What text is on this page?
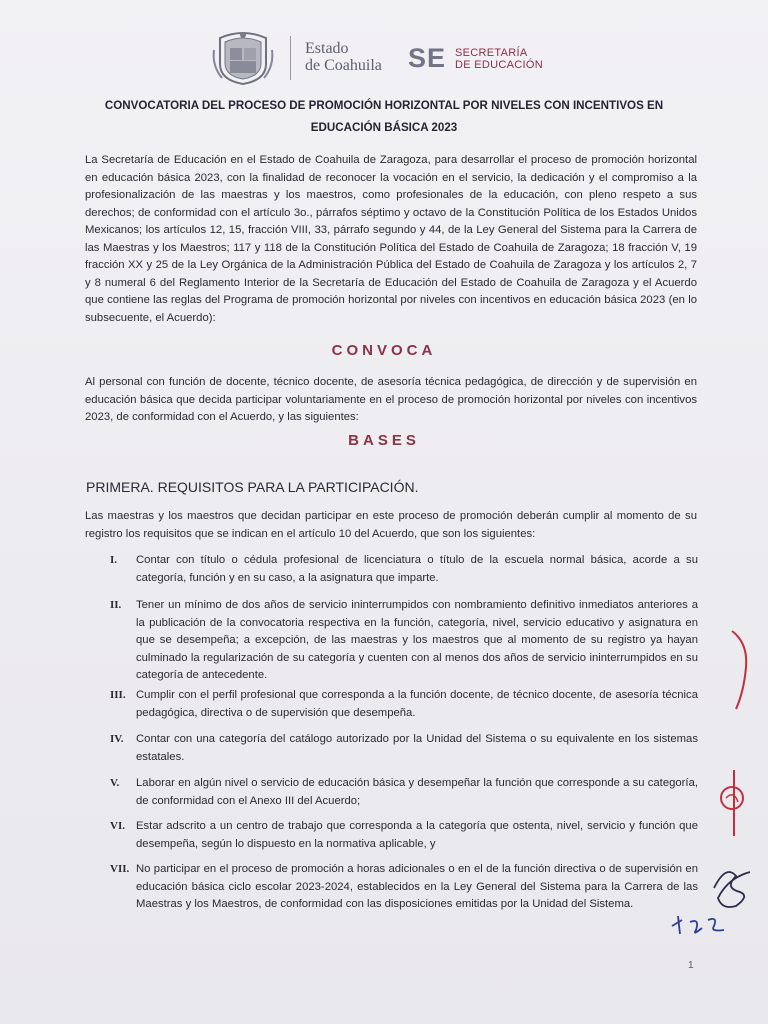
Estado
de Coahuila SE SECRETARÍA
DE EDUCACIÓN
CONVOCATORIA DEL PROCESO DE PROMOCIÓN HORIZONTAL POR NIVELES CON INCENTIVOS EN
EDUCACIÓN BÁSICA 2023
La Secretaría de Educación en el Estado de Coahuila de Zaragoza, para desarrollar el proceso de promoción horizontal en educación básica 2023, con la finalidad de reconocer la vocación en el servicio, la dedicación y el compromiso a la profesionalización de las maestras y los maestros, como profesionales de la educación, con pleno respeto a sus derechos; de conformidad con el artículo 3o., párrafos séptimo y octavo de la Constitución Política de los Estados Unidos Mexicanos; los artículos 12, 15, fracción VIII, 33, párrafo segundo y 44, de la Ley General del Sistema para la Carrera de las Maestras y los Maestros; 117 y 118 de la Constitución Política del Estado de Coahuila de Zaragoza; 18 fracción V, 19 fracción XX y 25 de la Ley Orgánica de la Administración Pública del Estado de Coahuila de Zaragoza y los artículos 2, 7 y 8 numeral 6 del Reglamento Interior de la Secretaría de Educación del Estado de Coahuila de Zaragoza y el Acuerdo que contiene las reglas del Programa de promoción horizontal por niveles con incentivos en educación básica 2023 (en lo subsecuente, el Acuerdo):
CONVOCA
Al personal con función de docente, técnico docente, de asesoría técnica pedagógica, de dirección y de supervisión en educación básica que decida participar voluntariamente en el proceso de promoción horizontal por niveles con incentivos 2023, de conformidad con el Acuerdo, y las siguientes:
BASES
PRIMERA. REQUISITOS PARA LA PARTICIPACIÓN.
Las maestras y los maestros que decidan participar en este proceso de promoción deberán cumplir al momento de su registro los requisitos que se indican en el artículo 10 del Acuerdo, que son los siguientes:
I. Contar con título o cédula profesional de licenciatura o título de la escuela normal básica, acorde a su categoría, función y en su caso, a la asignatura que imparte.
II. Tener un mínimo de dos años de servicio ininterrumpidos con nombramiento definitivo inmediatos anteriores a la publicación de la convocatoria respectiva en la función, categoría, nivel, servicio educativo y asignatura en que se desempeña; a excepción, de las maestras y los maestros que al momento de su registro ya hayan culminado la regularización de su categoría y cuenten con al menos dos años de servicio ininterrumpidos en su categoría de antecedente.
III. Cumplir con el perfil profesional que corresponda a la función docente, de técnico docente, de asesoría técnica pedagógica, directiva o de supervisión que desempeña.
IV. Contar con una categoría del catálogo autorizado por la Unidad del Sistema o su equivalente en los sistemas estatales.
V. Laborar en algún nivel o servicio de educación básica y desempeñar la función que corresponde a su categoría, de conformidad con el Anexo III del Acuerdo;
VI. Estar adscrito a un centro de trabajo que corresponda a la categoría que ostenta, nivel, servicio y función que desempeña, según lo dispuesto en la normativa aplicable, y
VII. No participar en el proceso de promoción a horas adicionales o en el de la función directiva o de supervisión en educación básica ciclo escolar 2023-2024, establecidos en la Ley General del Sistema para la Carrera de las Maestras y los Maestros, de conformidad con las disposiciones emitidas por la Unidad del Sistema.
1
